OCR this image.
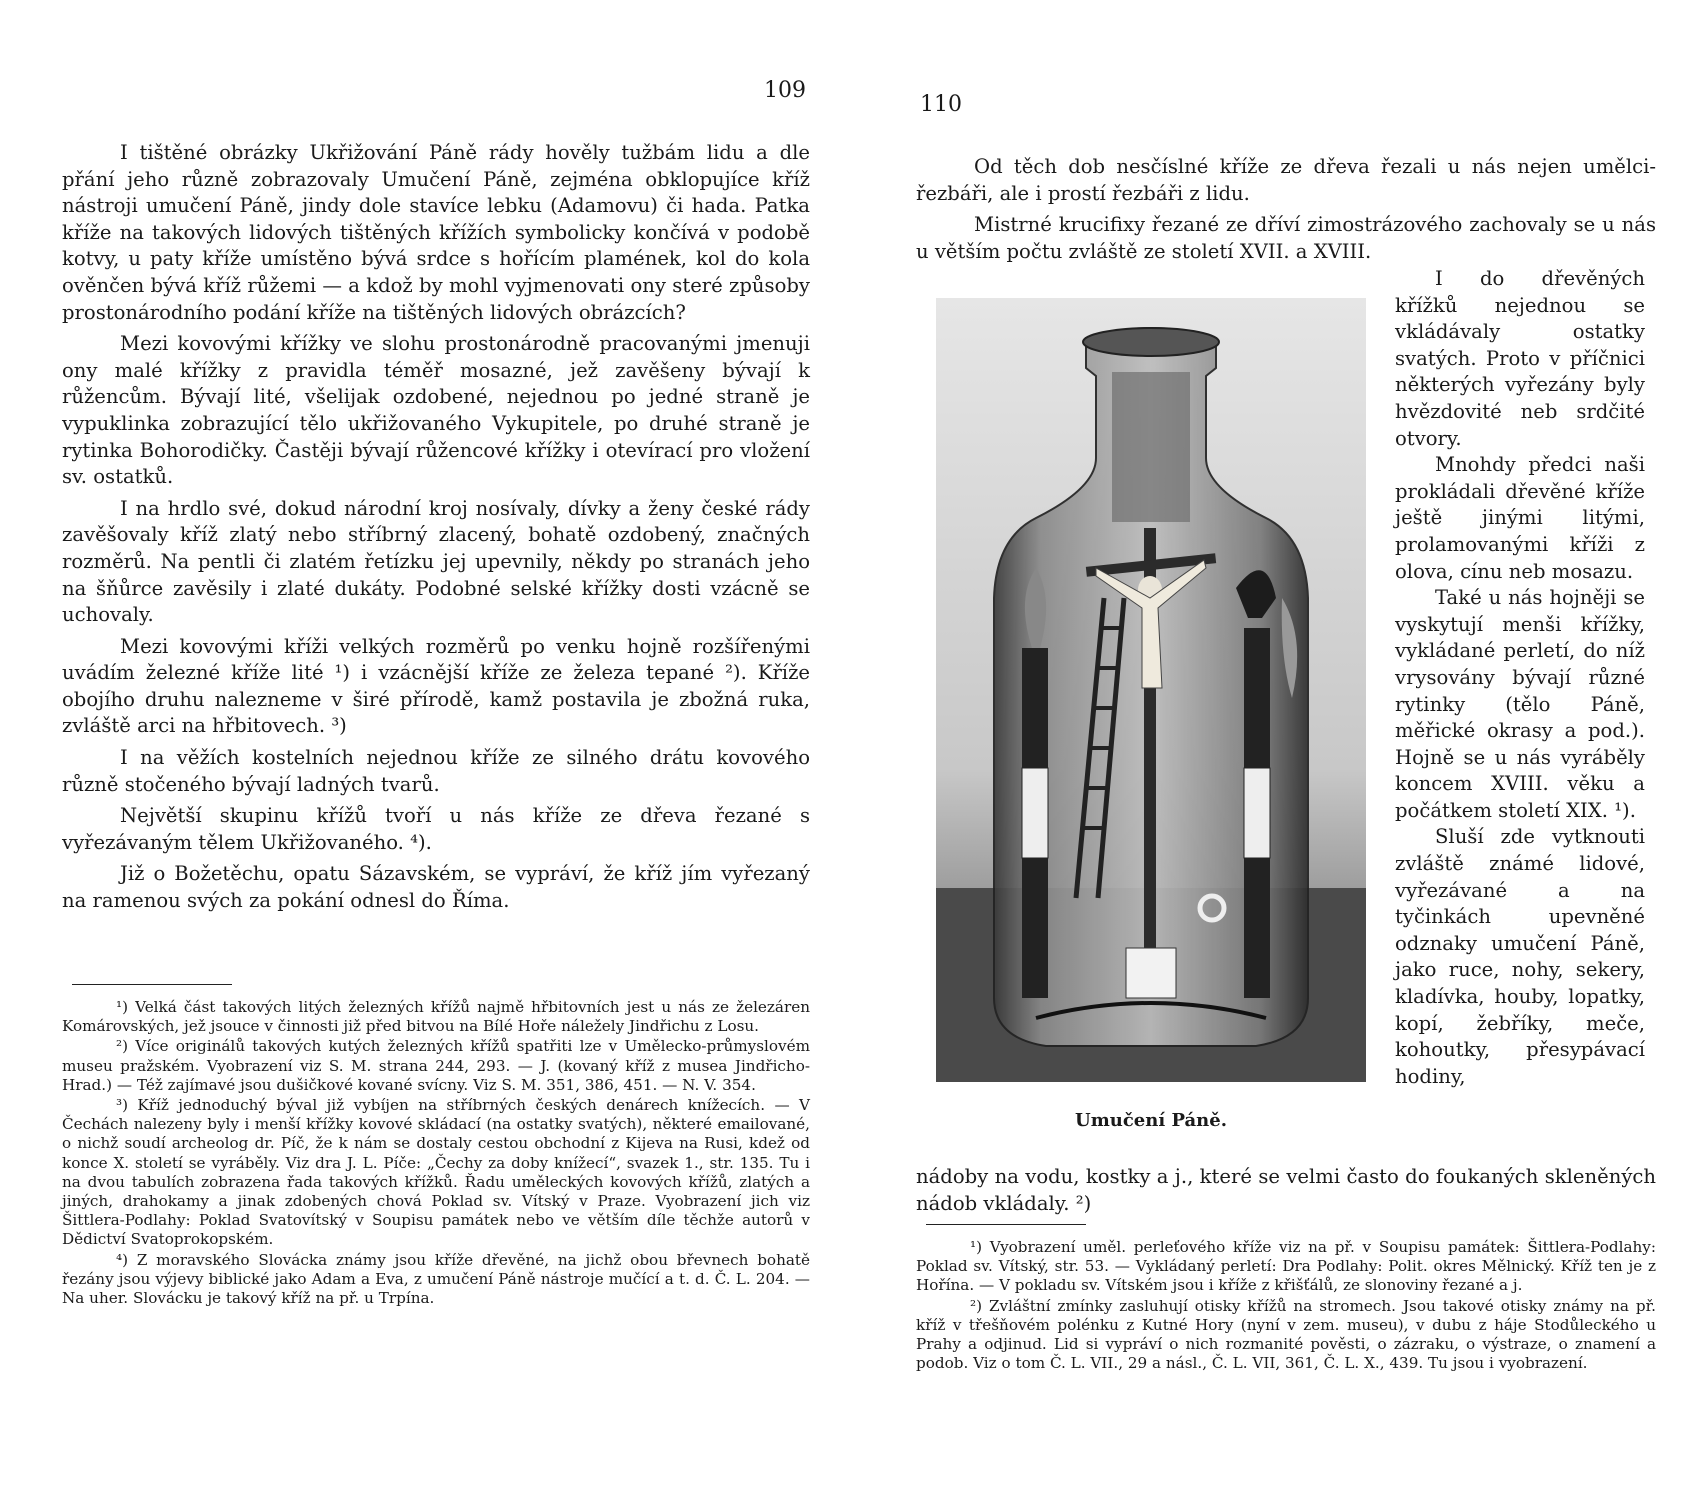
109

I tištěné obrázky Ukřižování Páně rády hověly tužbám lidu a dle přání jeho různě zobrazovaly Umučení Páně, zejména obklopujíce kříž nástroji umučení Páně, jindy dole stavíce lebku (Adamovu) či hada. Patka kříže na takových lidových tištěných křížích symbolicky končívá v podobě kotvy, u paty kříže umístěno bývá srdce s hořícím plamének, kol do kola ověnčen bývá kříž růžemi — a kdož by mohl vyjmenovati ony steré způsoby prostonárodního podání kříže na tištěných lidových obrázcích?

Mezi kovovými křížky ve slohu prostonárodně pracovanými jmenuji ony malé křížky z pravidla téměř mosazné, jež zavěšeny bývají k růžencům. Bývají lité, všelijak ozdobené, nejednou po jedné straně je vypuklinka zobrazující tělo ukřižovaného Vykupitele, po druhé straně je rytinka Bohorodičky. Častěji bývají růžencové křížky i otevírací pro vložení sv. ostatků.

I na hrdlo své, dokud národní kroj nosívaly, dívky a ženy české rády zavěšovaly kříž zlatý nebo stříbrný zlacený, bohatě ozdobený, značných rozměrů. Na pentli či zlatém řetízku jej upevnily, někdy po stranách jeho na šňůrce zavěsily i zlaté dukáty. Podobné selské křížky dosti vzácně se uchovaly.

Mezi kovovými kříži velkých rozměrů po venku hojně rozšířenými uvádím železné kříže lité ¹) i vzácnější kříže ze železa tepané ²). Kříže obojího druhu nalezneme v širé přírodě, kamž postavila je zbožná ruka, zvláště arci na hřbitovech. ³)

I na věžích kostelních nejednou kříže ze silného drátu kovového různě stočeného bývají ladných tvarů.

Největší skupinu křížů tvoří u nás kříže ze dřeva řezané s vyřezávaným tělem Ukřižovaného. ⁴).

Již o Božetěchu, opatu Sázavském, se vypráví, že kříž jím vyřezaný na ramenou svých za pokání odnesl do Říma.

¹) Velká část takových litých železných křížů najmě hřbitovních jest u nás ze železáren Komárovských, jež jsouce v činnosti již před bitvou na Bílé Hoře náležely Jindřichu z Losu.

²) Více originálů takových kutých železných křížů spatřiti lze v Umělecko-průmyslovém museu pražském. Vyobrazení viz S. M. strana 244, 293. — J. (kovaný kříž z musea Jindřicho-Hrad.) — Též zajímavé jsou dušičkové kované svícny. Viz S. M. 351, 386, 451. — N. V. 354.

³) Kříž jednoduchý býval již vybíjen na stříbrných českých denárech knížecích. — V Čechách nalezeny byly i menší křížky kovové skládací (na ostatky svatých), některé emailované, o nichž soudí archeolog dr. Píč, že k nám se dostaly cestou obchodní z Kijeva na Rusi, kdež od konce X. století se vyráběly. Viz dra J. L. Píče: „Čechy za doby knížecí“, svazek 1., str. 135. Tu i na dvou tabulích zobrazena řada takových křížků. Řadu uměleckých kovových křížů, zlatých a jiných, drahokamy a jinak zdobených chová Poklad sv. Vítský v Praze. Vyobrazení jich viz Šittlera-Podlahy: Poklad Svatovítský v Soupisu památek nebo ve větším díle těchže autorů v Dědictví Svatoprokopském.

⁴) Z moravského Slovácka známy jsou kříže dřevěné, na jichž obou břevnech bohatě řezány jsou výjevy biblické jako Adam a Eva, z umučení Páně nástroje mučící a t. d. Č. L. 204. — Na uher. Slovácku je takový kříž na př. u Trpína.

110

Od těch dob nesčíslné kříže ze dřeva řezali u nás nejen umělci-řezbáři, ale i prostí řezbáři z lidu.

Mistrné krucifixy řezané ze dříví zimostrázového zachovaly se u nás u větším počtu zvláště ze století XVII. a XVIII.

Umučení Páně.

I do dřevěných křížků nejednou se vkládávaly ostatky svatých. Proto v příčnici některých vyřezány byly hvězdovité neb srdčité otvory.

Mnohdy předci naši prokládali dřevěné kříže ještě jinými litými, prolamovanými kříži z olova, cínu neb mosazu.

Také u nás hojněji se vyskytují menši křížky, vykládané perletí, do níž vrysovány bývají různé rytinky (tělo Páně, měřické okrasy a pod.). Hojně se u nás vyráběly koncem XVIII. věku a počátkem století XIX. ¹).

Sluší zde vytknouti zvláště známé lidové, vyřezávané a na tyčinkách upevněné odznaky umučení Páně, jako ruce, nohy, sekery, kladívka, houby, lopatky, kopí, žebříky, meče, kohoutky, přesypávací hodiny,

nádoby na vodu, kostky a j., které se velmi často do foukaných skleněných nádob vkládaly. ²)

¹) Vyobrazení uměl. perleťového kříže viz na př. v Soupisu památek: Šittlera-Podlahy: Poklad sv. Vítský, str. 53. — Vykládaný perletí: Dra Podlahy: Polit. okres Mělnický. Kříž ten je z Hořína. — V pokladu sv. Vítském jsou i kříže z křišťálů, ze slonoviny řezané a j.

²) Zvláštní zmínky zasluhují otisky křížů na stromech. Jsou takové otisky známy na př. kříž v třešňovém polénku z Kutné Hory (nyní v zem. museu), v dubu z háje Stodůleckého u Prahy a odjinud. Lid si vypráví o nich rozmanité pověsti, o zázraku, o výstraze, o znamení a podob. Viz o tom Č. L. VII., 29 a násl., Č. L. VII, 361, Č. L. X., 439. Tu jsou i vyobrazení.
